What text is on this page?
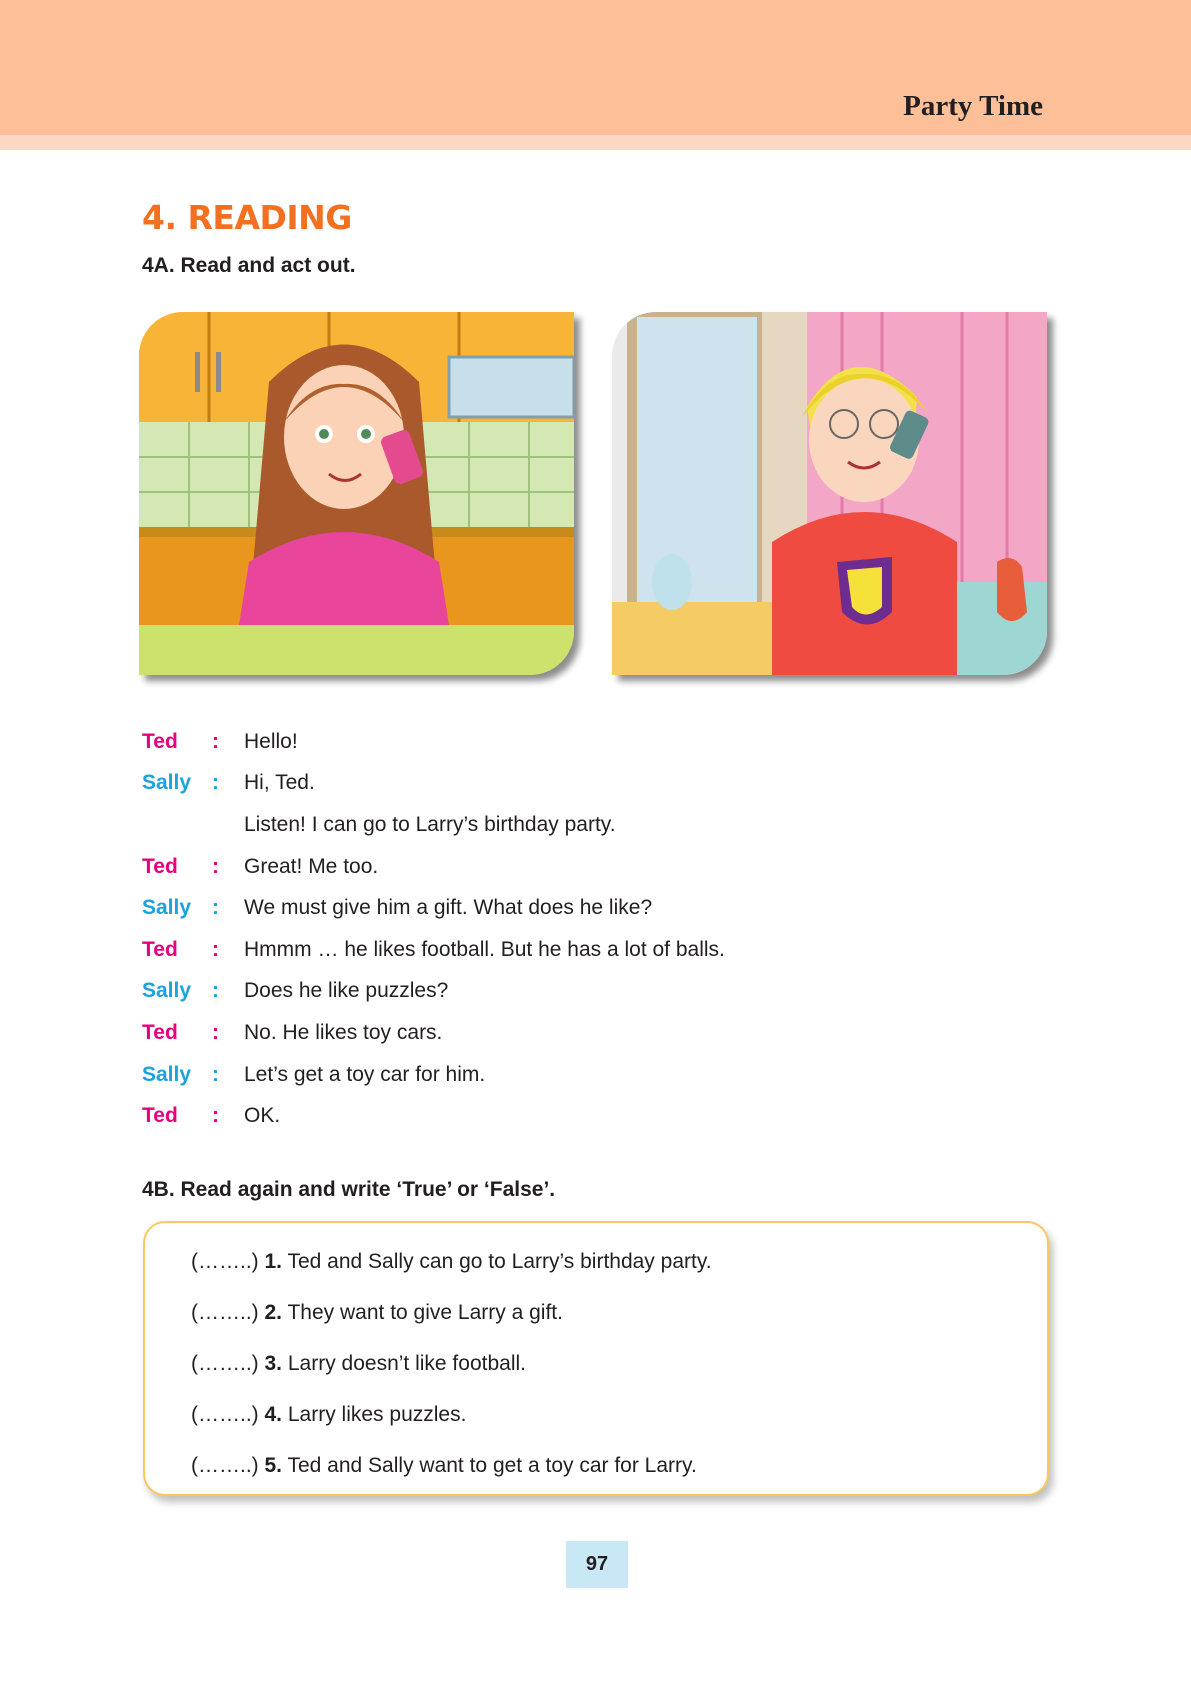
Party Time
4. READING
4A. Read and act out.
Ted	:	Hello!
Sally :	Hi, Ted.
Listen! I can go to Larry’s birthday party.
Ted	:	Great! Me too.
Sally :	We must give him a gift. What does he like?
Ted	:	Hmmm … he likes football. But he has a lot of balls.
Sally :	Does he like puzzles?
Ted	:	No. He likes toy cars.
Sally :	Let’s get a toy car for him.
Ted	:	OK.
4B. Read again and write ‘True’ or ‘False’.
(……..) 1. Ted and Sally can go to Larry’s birthday party.
(……..) 2. They want to give Larry a gift.
(……..) 3. Larry doesn’t like football.
(……..) 4. Larry likes puzzles.
(……..) 5. Ted and Sally want to get a toy car for Larry.
97
